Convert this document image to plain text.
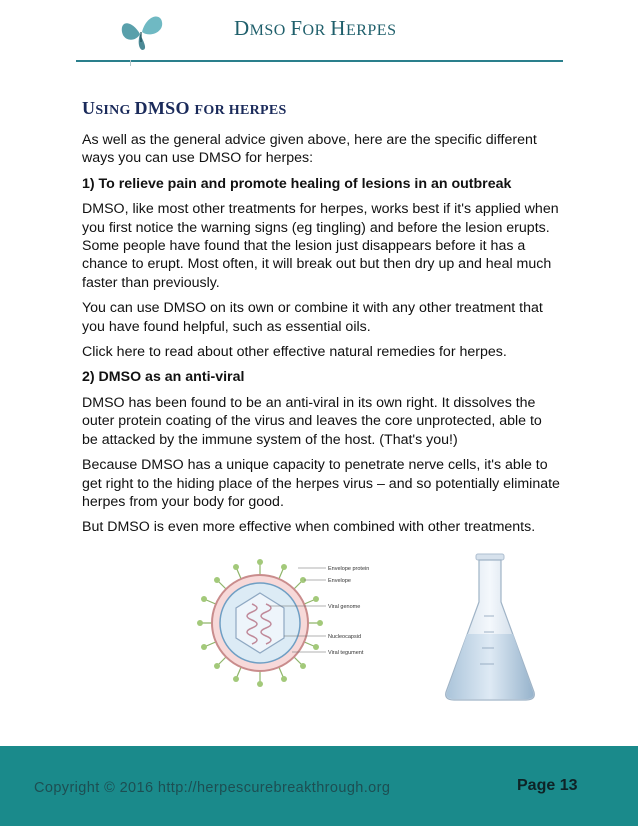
DMSO FOR HERPES
USING DMSO FOR HERPES

As well as the general advice given above, here are the specific different ways you can use DMSO for herpes:

1) To relieve pain and promote healing of lesions in an outbreak

DMSO, like most other treatments for herpes, works best if it's applied when you first notice the warning signs (eg tingling) and before the lesion erupts. Some people have found that the lesion just disappears before it has a chance to erupt. Most often, it will break out but then dry up and heal much faster than previously.

You can use DMSO on its own or combine it with any other treatment that you have found helpful, such as essential oils.

Click here to read about other effective natural remedies for herpes.

2) DMSO as an anti-viral

DMSO has been found to be an anti-viral in its own right. It dissolves the outer protein coating of the virus and leaves the core unprotected, able to be attacked by the immune system of the host. (That's you!)

Because DMSO has a unique capacity to penetrate nerve cells, it's able to get right to the hiding place of the herpes virus – and so potentially eliminate herpes from your body for good.

But DMSO is even more effective when combined with other treatments.

Envelope protein
Envelope
Viral genome
Nucleocapsid
Viral tegument
Copyright © 2016 http://herpescurebreakthrough.org	Page 13
